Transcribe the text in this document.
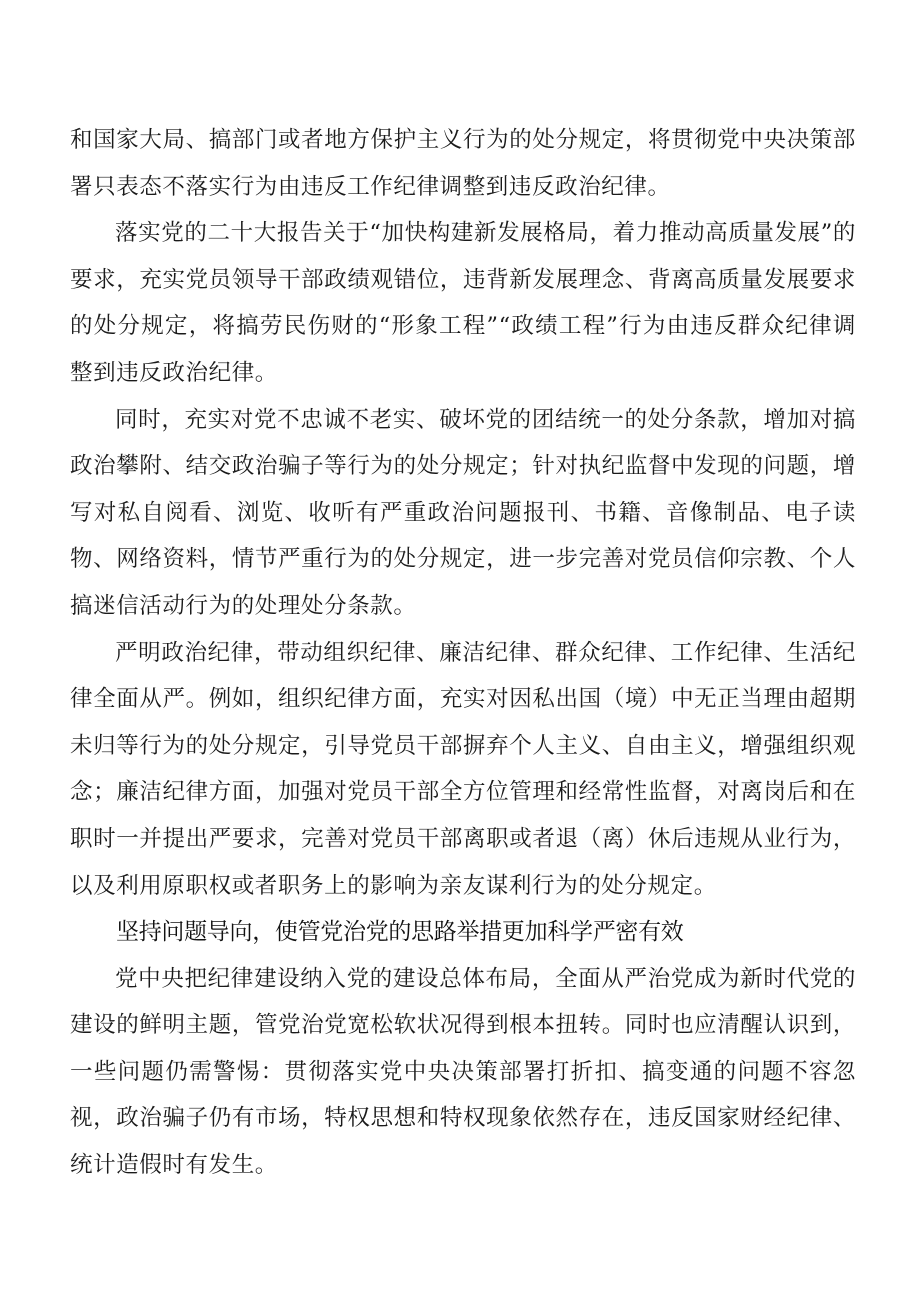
和国家大局、搞部门或者地方保护主义行为的处分规定，将贯彻党中央决策部署只表态不落实行为由违反工作纪律调整到违反政治纪律。

落实党的二十大报告关于“加快构建新发展格局，着力推动高质量发展”的要求，充实党员领导干部政绩观错位，违背新发展理念、背离高质量发展要求的处分规定，将搞劳民伤财的“形象工程”“政绩工程”行为由违反群众纪律调整到违反政治纪律。

同时，充实对党不忠诚不老实、破坏党的团结统一的处分条款，增加对搞政治攀附、结交政治骗子等行为的处分规定；针对执纪监督中发现的问题，增写对私自阅看、浏览、收听有严重政治问题报刊、书籍、音像制品、电子读物、网络资料，情节严重行为的处分规定，进一步完善对党员信仰宗教、个人搞迷信活动行为的处理处分条款。

严明政治纪律，带动组织纪律、廉洁纪律、群众纪律、工作纪律、生活纪律全面从严。例如，组织纪律方面，充实对因私出国（境）中无正当理由超期未归等行为的处分规定，引导党员干部摒弃个人主义、自由主义，增强组织观念；廉洁纪律方面，加强对党员干部全方位管理和经常性监督，对离岗后和在职时一并提出严要求，完善对党员干部离职或者退（离）休后违规从业行为，以及利用原职权或者职务上的影响为亲友谋利行为的处分规定。

坚持问题导向，使管党治党的思路举措更加科学严密有效

党中央把纪律建设纳入党的建设总体布局，全面从严治党成为新时代党的建设的鲜明主题，管党治党宽松软状况得到根本扭转。同时也应清醒认识到，一些问题仍需警惕：贯彻落实党中央决策部署打折扣、搞变通的问题不容忽视，政治骗子仍有市场，特权思想和特权现象依然存在，违反国家财经纪律、统计造假时有发生。
